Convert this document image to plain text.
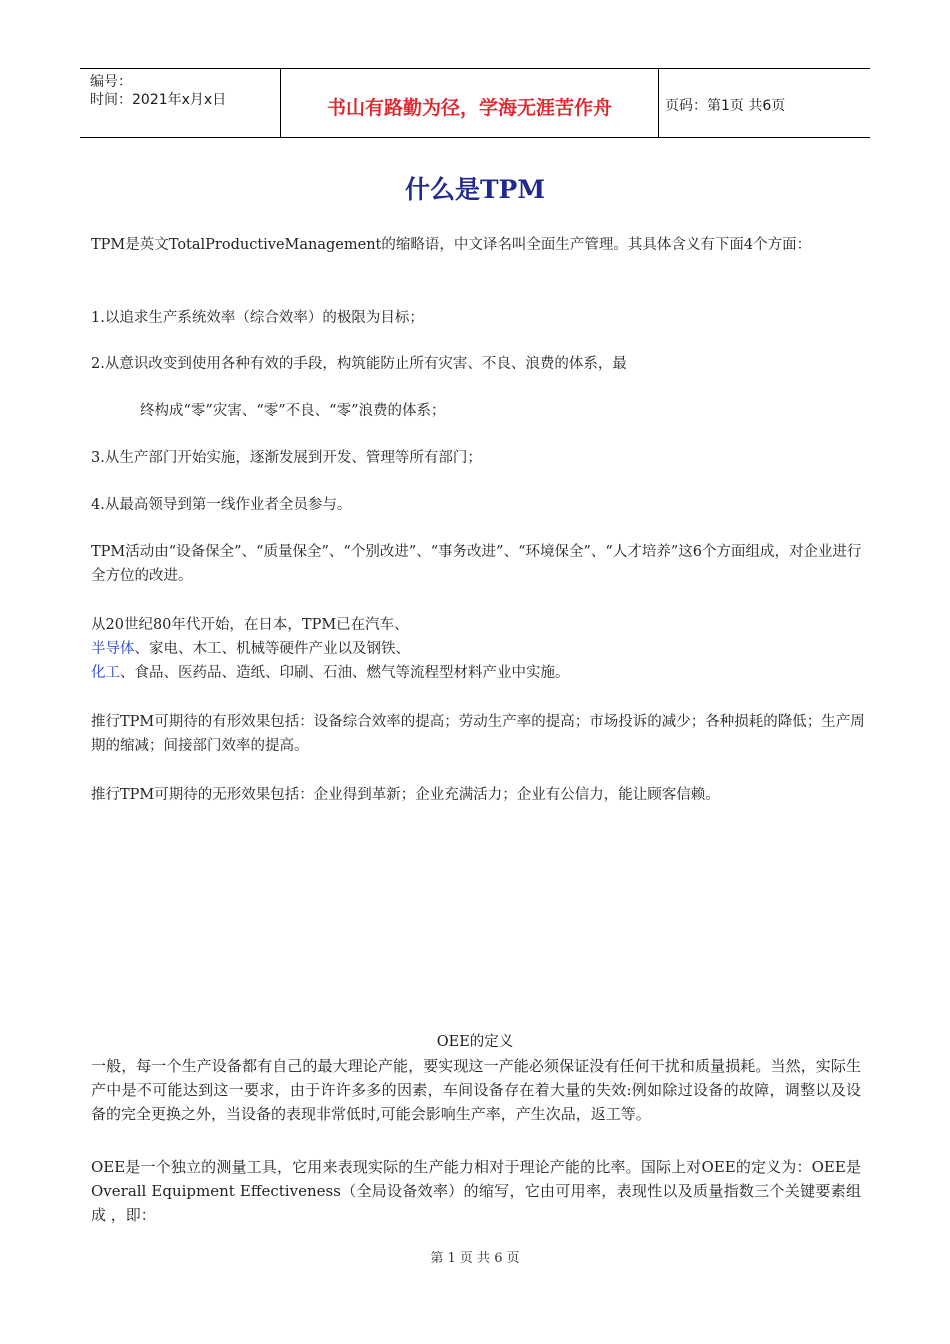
编号：
时间：2021年x月x日	书山有路勤为径，学海无涯苦作舟	页码：第1页 共6页
什么是TPM
TPM是英文TotalProductiveManagement的缩略语，中文译名叫全面生产管理。其具体含义有下面4个方面：
1.以追求生产系统效率（综合效率）的极限为目标；
2.从意识改变到使用各种有效的手段，构筑能防止所有灾害、不良、浪费的体系，最
终构成“零”灾害、“零”不良、“零”浪费的体系；
3.从生产部门开始实施，逐渐发展到开发、管理等所有部门；
4.从最高领导到第一线作业者全员参与。
TPM活动由“设备保全”、“质量保全”、“个别改进”、“事务改进”、“环境保全”、“人才培养”这6个方面组成，对企业进行全方位的改进。
从20世纪80年代开始，在日本，TPM已在汽车、
半导体、家电、木工、机械等硬件产业以及钢铁、
化工、食品、医药品、造纸、印刷、石油、燃气等流程型材料产业中实施。
推行TPM可期待的有形效果包括：设备综合效率的提高；劳动生产率的提高；市场投诉的减少；各种损耗的降低；生产周期的缩减；间接部门效率的提高。
推行TPM可期待的无形效果包括：企业得到革新；企业充满活力；企业有公信力，能让顾客信赖。
OEE的定义
一般，每一个生产设备都有自己的最大理论产能，要实现这一产能必须保证没有任何干扰和质量损耗。当然，实际生产中是不可能达到这一要求，由于许许多多的因素，车间设备存在着大量的失效:例如除过设备的故障，调整以及设备的完全更换之外，当设备的表现非常低时,可能会影响生产率，产生次品，返工等。
OEE是一个独立的测量工具，它用来表现实际的生产能力相对于理论产能的比率。国际上对OEE的定义为：OEE是Overall Equipment Effectiveness（全局设备效率）的缩写，它由可用率，表现性以及质量指数三个关键要素组成 ，即：
第 1 页 共 6 页
